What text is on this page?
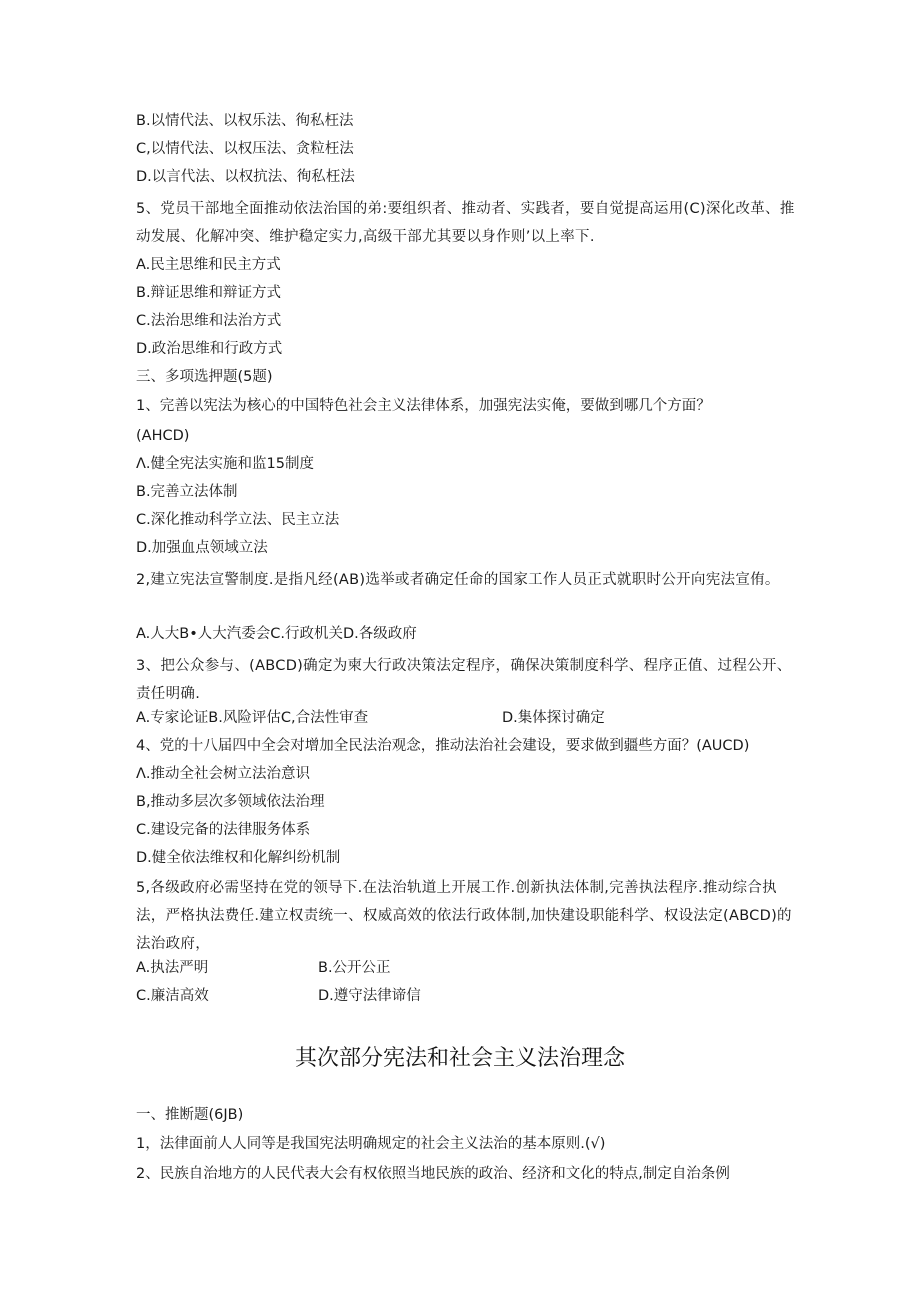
B.以情代法、以权乐法、徇私枉法
C,以情代法、以权压法、贪粒枉法
D.以言代法、以权抗法、徇私枉法
5、党员干部地全面推动依法治国的弟:要组织者、推动者、实践者，要自觉提高运用(C)深化改革、推动发展、化解冲突、维护稳定实力,高级干部尤其要以身作则’以上率下.
A.民主思维和民主方式
B.辩证思维和辩证方式
C.法治思维和法治方式
D.政治思维和行政方式
三、多项选押题(5题)
1、完善以宪法为核心的中国特色社会主义法律体系，加强宪法实俺，要做到哪几个方面？
(AHCD)
Λ.健全宪法实施和监15制度
B.完善立法体制
C.深化推动科学立法、民主立法
D.加强血点领域立法
2,建立宪法宣警制度.是指凡经(AB)选举或者确定任命的国家工作人员正式就职时公开向宪法宣侑。
A.人大B•人大汽委会C.行政机关D.各级政府
3、把公众参与、(ABCD)确定为柬大行政决策法定程序，确保决策制度科学、程序正值、过程公开、责任明确.
A.专家论证B.风险评估C,合法性审查	D.集体探讨确定
4、党的十八届四中全会对增加全民法治观念，推动法治社会建设，要求做到疆些方面？(AUCD)
Λ.推动全社会树立法治意识
B,推动多层次多领域依法治理
C.建设完备的法律服务体系
D.健全依法维权和化解纠纷机制
5,各级政府必需坚持在党的领导下.在法治轨道上开展工作.创新执法体制,完善执法程序.推动综合执法，严格执法费任.建立权责统一、权威高效的依法行政体制,加快建设职能科学、权设法定(ABCD)的法治政府，
A.执法严明	B.公开公正
C.廉洁高效	D.遵守法律谛信
其次部分宪法和社会主义法治理念
一、推断题(6JB)
1，法律面前人人同等是我国宪法明确规定的社会主义法治的基本原则.(√)
2、民族自治地方的人民代表大会有权依照当地民族的政治、经济和文化的特点,制定自治条例
